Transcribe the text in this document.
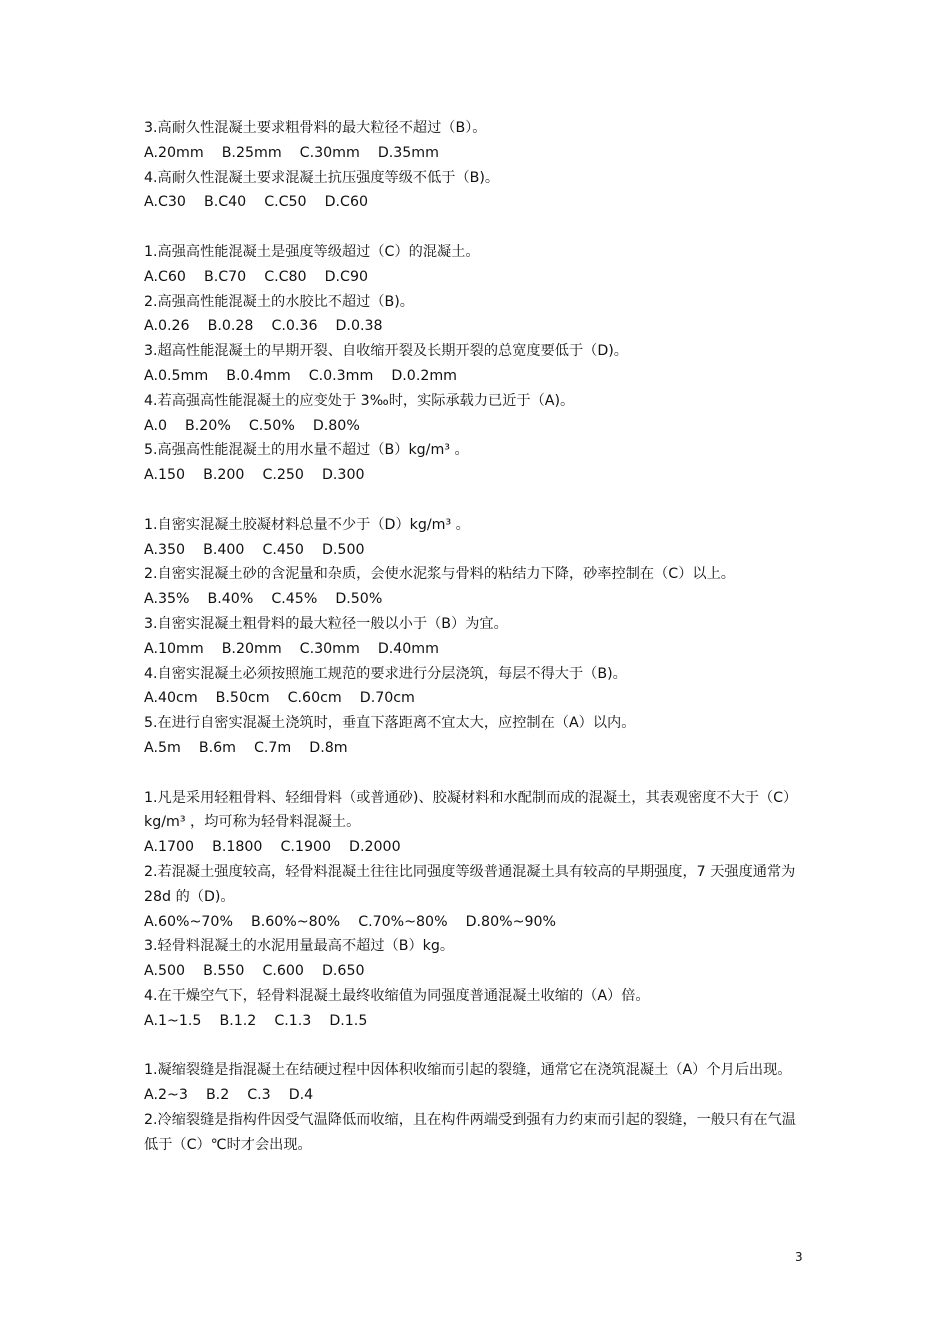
3.高耐久性混凝土要求粗骨料的最大粒径不超过（B）。

A.20mm    B.25mm    C.30mm    D.35mm

4.高耐久性混凝土要求混凝土抗压强度等级不低于（B)。

A.C30    B.C40    C.C50    D.C60

1.高强高性能混凝土是强度等级超过（C）的混凝土。

A.C60    B.C70    C.C80    D.C90

2.高强高性能混凝土的水胶比不超过（B)。

A.0.26    B.0.28    C.0.36    D.0.38

3.超高性能混凝土的早期开裂、自收缩开裂及长期开裂的总宽度要低于（D)。

A.0.5mm    B.0.4mm    C.0.3mm    D.0.2mm

4.若高强高性能混凝土的应变处于 3‰时，实际承载力已近于（A)。

A.0    B.20%    C.50%    D.80%

5.高强高性能混凝土的用水量不超过（B）kg/m³ 。

A.150    B.200    C.250    D.300

1.自密实混凝土胶凝材料总量不少于（D）kg/m³ 。

A.350    B.400    C.450    D.500

2.自密实混凝土砂的含泥量和杂质，会使水泥浆与骨料的粘结力下降，砂率控制在（C）以上。

A.35%    B.40%    C.45%    D.50%

3.自密实混凝土粗骨料的最大粒径一般以小于（B）为宜。

A.10mm    B.20mm    C.30mm    D.40mm

4.自密实混凝土必须按照施工规范的要求进行分层浇筑，每层不得大于（B)。

A.40cm    B.50cm    C.60cm    D.70cm

5.在进行自密实混凝土浇筑时，垂直下落距离不宜太大，应控制在（A）以内。

A.5m    B.6m    C.7m    D.8m

1.凡是采用轻粗骨料、轻细骨料（或普通砂)、胶凝材料和水配制而成的混凝土，其表观密度不大于（C）kg/m³ ，均可称为轻骨料混凝土。

A.1700    B.1800    C.1900    D.2000

2.若混凝土强度较高，轻骨料混凝土往往比同强度等级普通混凝土具有较高的早期强度，7 天强度通常为 28d 的（D)。

A.60%~70%    B.60%~80%    C.70%~80%    D.80%~90%

3.轻骨料混凝土的水泥用量最高不超过（B）kg。

A.500    B.550    C.600    D.650

4.在干燥空气下，轻骨料混凝土最终收缩值为同强度普通混凝土收缩的（A）倍。

A.1~1.5    B.1.2    C.1.3    D.1.5

1.凝缩裂缝是指混凝土在结硬过程中因体积收缩而引起的裂缝，通常它在浇筑混凝土（A）个月后出现。

A.2~3    B.2    C.3    D.4

2.冷缩裂缝是指构件因受气温降低而收缩，且在构件两端受到强有力约束而引起的裂缝，一般只有在气温低于（C）℃时才会出现。

3
